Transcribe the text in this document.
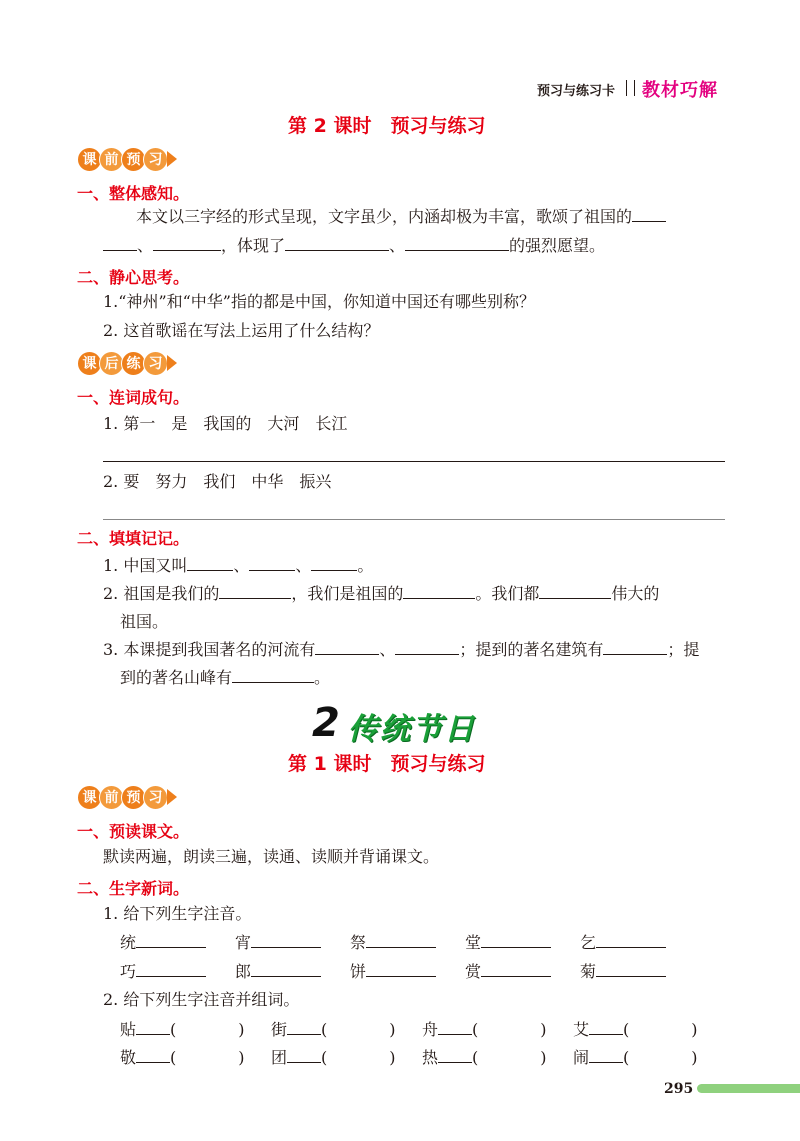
预习与练习卡 教材巧解
第 2 课时　预习与练习
课 前 预 习
一、整体感知。
本文以三字经的形式呈现，文字虽少，内涵却极为丰富，歌颂了祖国的
、	，体现了	、	的强烈愿望。
二、静心思考。
1.“神州”和“中华”指的都是中国，你知道中国还有哪些别称？
2. 这首歌谣在写法上运用了什么结构？
课 后 练 习
一、连词成句。
1. 第一　是　我国的　大河　长江
2. 要　努力　我们　中华　振兴
二、填填记记。
1. 中国又叫	、	、	。
2. 祖国是我们的	，我们是祖国的	。我们都	伟大的
祖国。
3. 本课提到我国著名的河流有	、	；提到的著名建筑有	；提
到的著名山峰有	。
2 传统节日
第 1 课时　预习与练习
课 前 预 习
一、预读课文。
默读两遍，朗读三遍，读通、读顺并背诵课文。
二、生字新词。
1. 给下列生字注音。
统	宵	祭	堂	乞
巧	郎	饼	赏	菊
2. 给下列生字注音并组词。
贴 (	) 街 (	) 舟 (	) 艾 (	)
敬 (	) 团 (	) 热 (	) 闹 (	)
295
